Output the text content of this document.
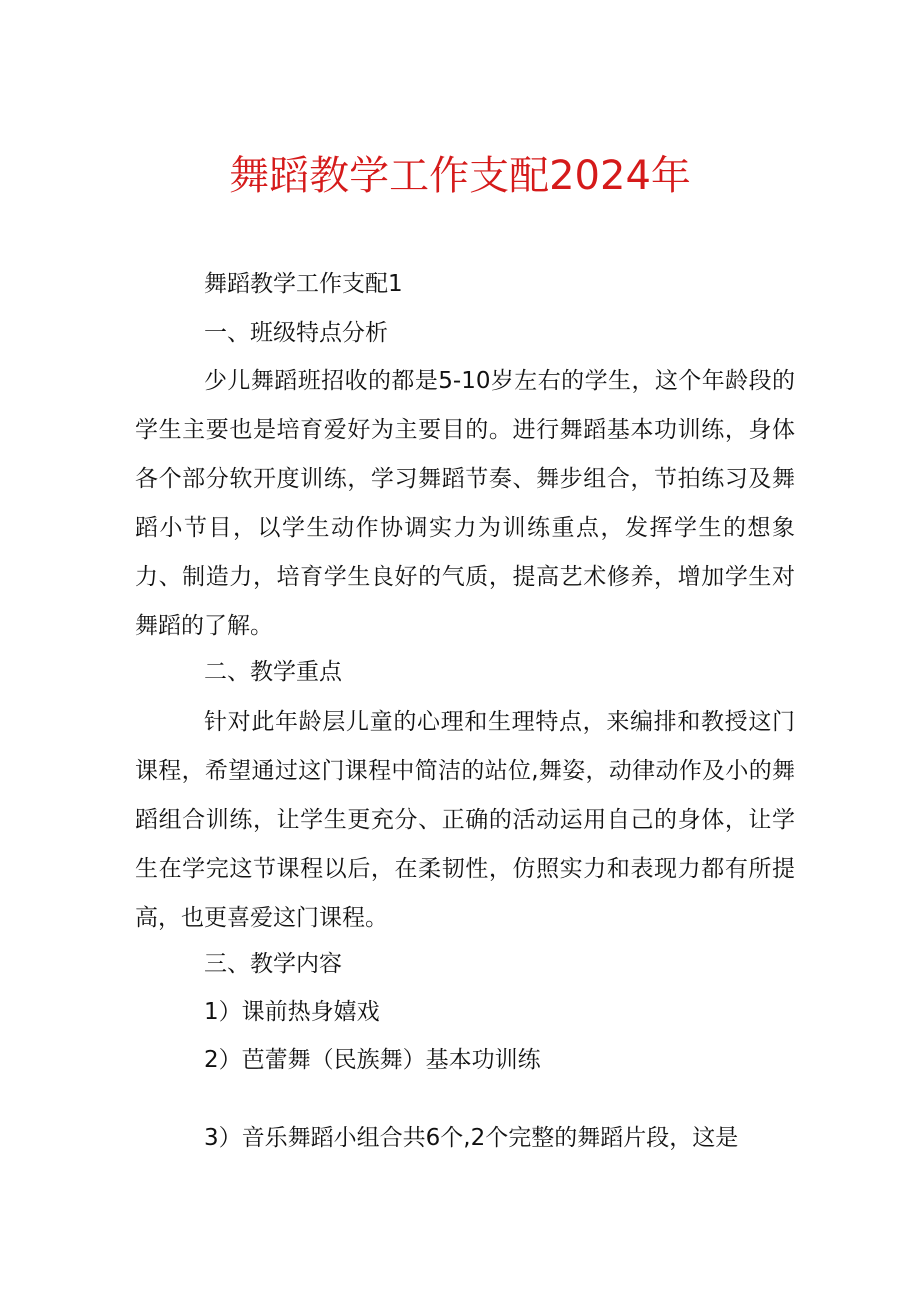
舞蹈教学工作支配2024年

舞蹈教学工作支配1

一、班级特点分析

少儿舞蹈班招收的都是5-10岁左右的学生，这个年龄段的学生主要也是培育爱好为主要目的。进行舞蹈基本功训练，身体各个部分软开度训练，学习舞蹈节奏、舞步组合，节拍练习及舞蹈小节目，以学生动作协调实力为训练重点，发挥学生的想象力、制造力，培育学生良好的气质，提高艺术修养，增加学生对舞蹈的了解。

二、教学重点

针对此年龄层儿童的心理和生理特点，来编排和教授这门课程，希望通过这门课程中简洁的站位,舞姿，动律动作及小的舞蹈组合训练，让学生更充分、正确的活动运用自己的身体，让学生在学完这节课程以后，在柔韧性，仿照实力和表现力都有所提高，也更喜爱这门课程。

三、教学内容

1）课前热身嬉戏

2）芭蕾舞（民族舞）基本功训练

3）音乐舞蹈小组合共6个,2个完整的舞蹈片段，这是
